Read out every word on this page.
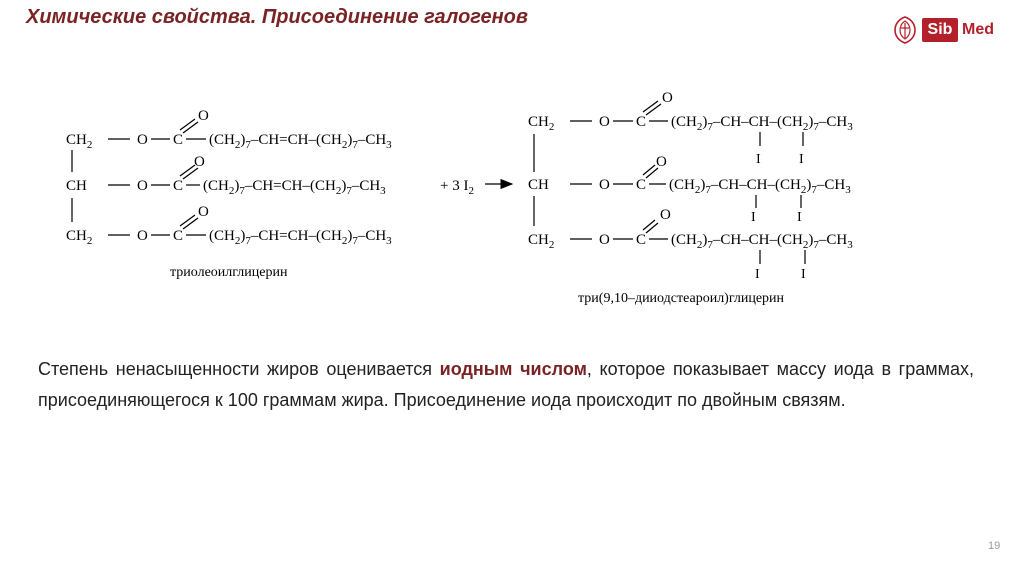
Химические свойства. Присоединение галогенов
Sib Med
$CH_2$
CH
$CH_2$
O C
O
$(CH_2)_7-CH=CH-(CH_2)_7-CH_3$
O C
O
$(CH_2)_7-CH=CH-(CH_2)_7-CH_3$
O C
O
$(CH_2)_7-CH=CH-(CH_2)_7-CH_3$
триолеоилглицерин
+ 3 $I_2$
$CH_2$
CH
$CH_2$
O C
O
$(CH_2)_7-CH-CH-(CH_2)_7-CH_3$
I	I
O C
O
$(CH_2)_7-CH-CH-(CH_2)_7-CH_3$
I	I
O C
O
$(CH_2)_7-CH-CH-(CH_2)_7-CH_3$
I	I
три(9,10–дииодстеароил)глицерин
Степень ненасыщенности жиров оценивается иодным числом, которое показывает массу иода в граммах, присоединяющегося к 100 граммам жира. Присоединение иода происходит по двойным связям.
19
